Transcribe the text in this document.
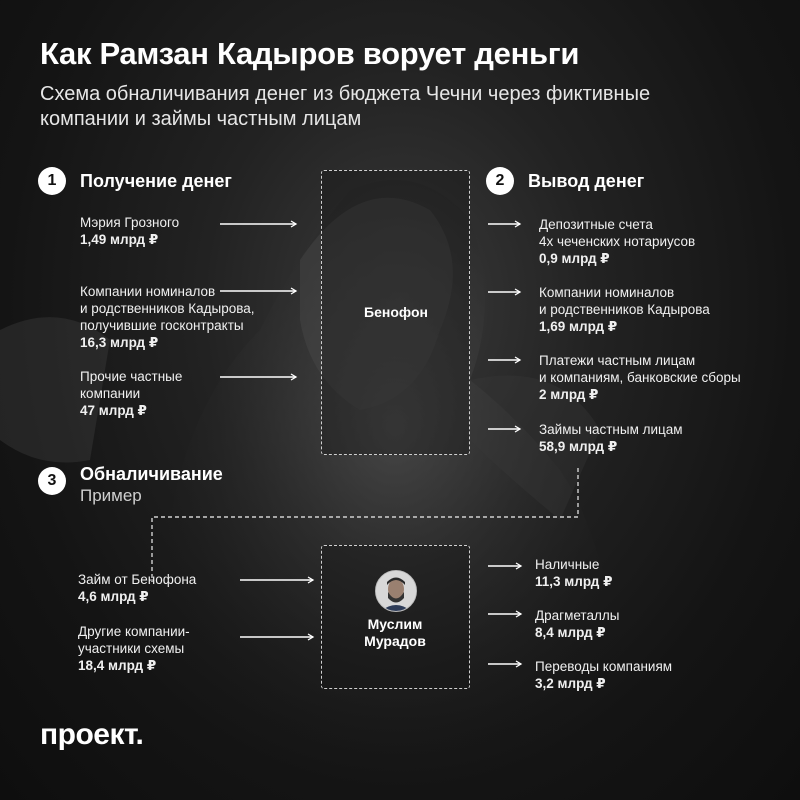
Как Рамзан Кадыров ворует деньги
Схема обналичивания денег из бюджета Чечни через фиктивные компании и займы частным лицам
1	Получение денег
Мэрия Грозного
1,49 млрд ₽
Компании номиналов
и родственников Кадырова,
получившие госконтракты
16,3 млрд ₽
Прочие частные
компании
47 млрд ₽
Бенофон
2	Вывод денег
Депозитные счета
4х чеченских нотариусов
0,9 млрд ₽
Компании номиналов
и родственников Кадырова
1,69 млрд ₽
Платежи частным лицам
и компаниям, банковские сборы
2 млрд ₽
Займы частным лицам
58,9 млрд ₽
3	Обналичивание
Пример
Займ от Бенофона
4,6 млрд ₽
Другие компании-
участники схемы
18,4 млрд ₽
Муслим
Мурадов
Наличные
11,3 млрд ₽
Драгметаллы
8,4 млрд ₽
Переводы компаниям
3,2 млрд ₽
проект.
